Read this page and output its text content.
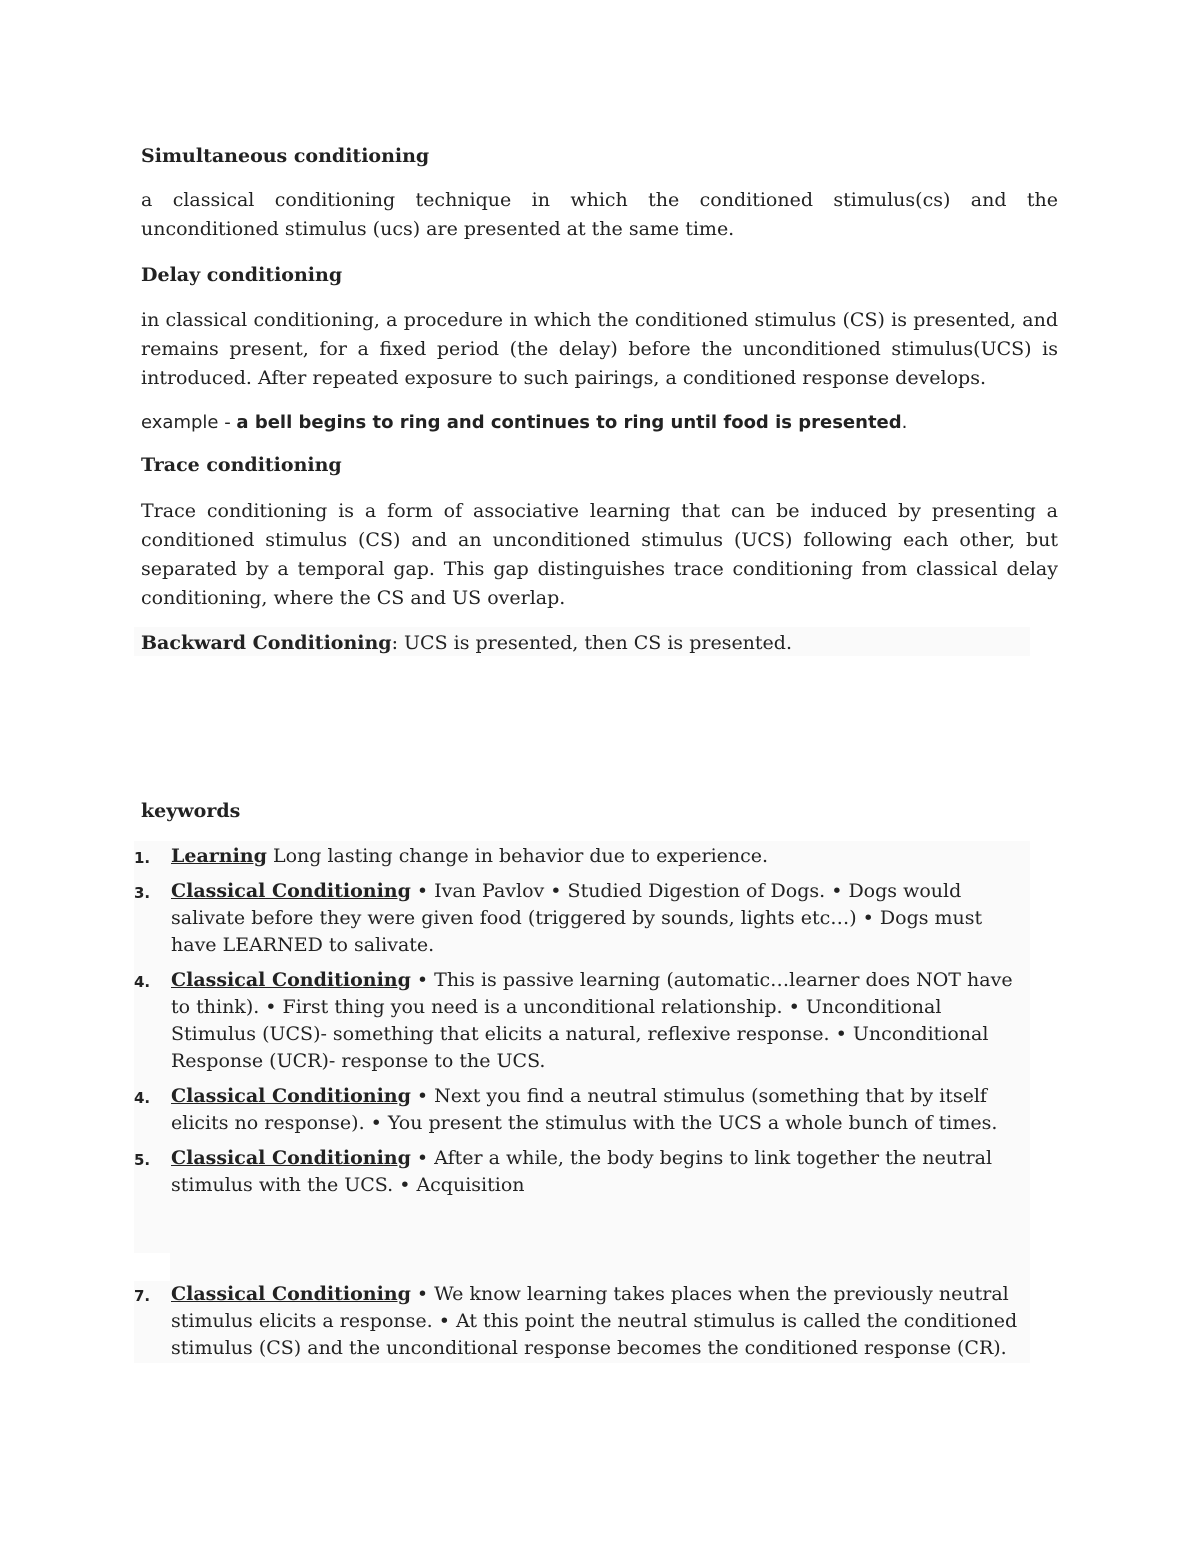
Simultaneous conditioning

a classical conditioning technique in which the conditioned stimulus(cs) and the unconditioned stimulus (ucs) are presented at the same time.

Delay conditioning

in classical conditioning, a procedure in which the conditioned stimulus (CS) is presented, and remains present, for a fixed period (the delay) before the unconditioned stimulus(UCS) is introduced. After repeated exposure to such pairings, a conditioned response develops.

example - a bell begins to ring and continues to ring until food is presented.

Trace conditioning

Trace conditioning is a form of associative learning that can be induced by presenting a conditioned stimulus (CS) and an unconditioned stimulus (UCS) following each other, but separated by a temporal gap. This gap distinguishes trace conditioning from classical delay conditioning, where the CS and US overlap.

Backward Conditioning: UCS is presented, then CS is presented.

keywords

1.	Learning Long lasting change in behavior due to experience.
3.	Classical Conditioning • Ivan Pavlov • Studied Digestion of Dogs. • Dogs would salivate before they were given food (triggered by sounds, lights etc…) • Dogs must have LEARNED to salivate.
4.	Classical Conditioning • This is passive learning (automatic…learner does NOT have to think). • First thing you need is a unconditional relationship. • Unconditional Stimulus (UCS)- something that elicits a natural, reflexive response. • Unconditional Response (UCR)- response to the UCS.
4.	Classical Conditioning • Next you find a neutral stimulus (something that by itself elicits no response). • You present the stimulus with the UCS a whole bunch of times.
5.	Classical Conditioning • After a while, the body begins to link together the neutral stimulus with the UCS. • Acquisition
7.	Classical Conditioning • We know learning takes places when the previously neutral stimulus elicits a response. • At this point the neutral stimulus is called the conditioned stimulus (CS) and the unconditional response becomes the conditioned response (CR).
